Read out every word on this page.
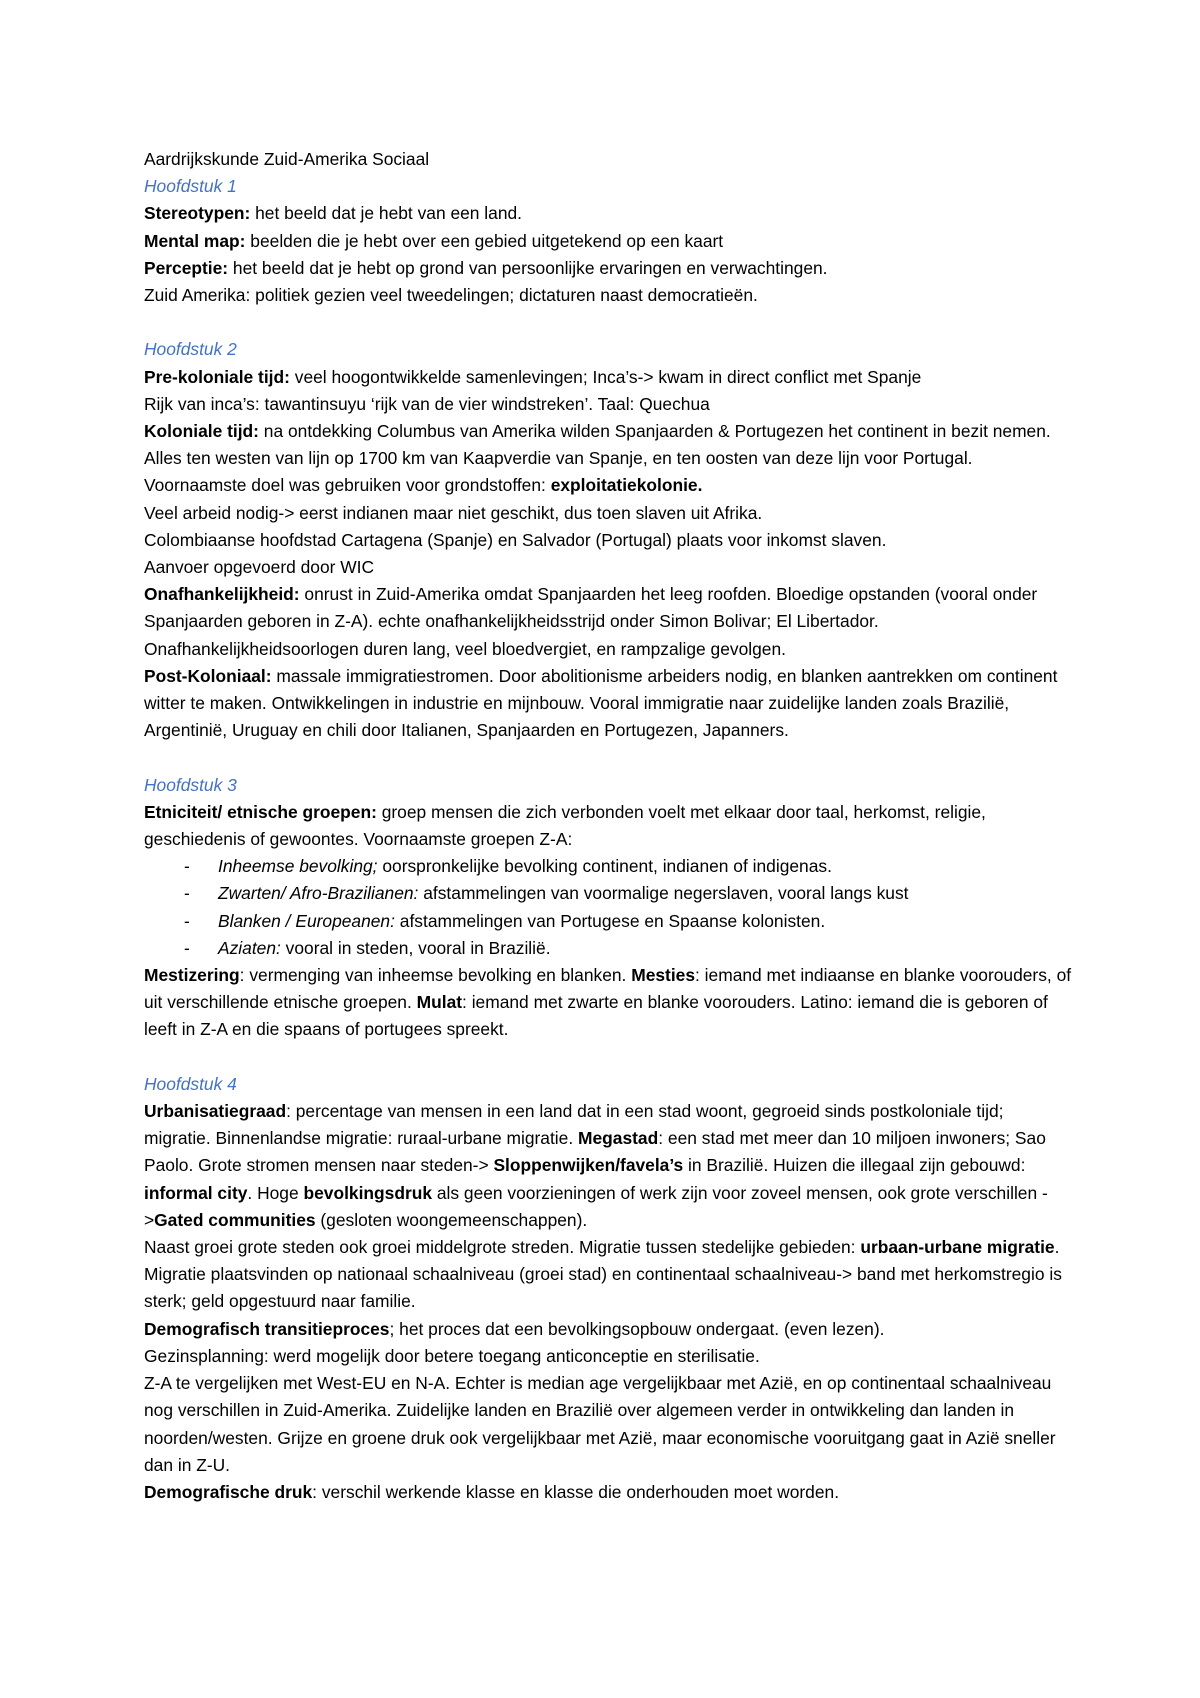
Aardrijkskunde Zuid-Amerika Sociaal

Hoofdstuk 1

Stereotypen: het beeld dat je hebt van een land.

Mental map: beelden die je hebt over een gebied uitgetekend op een kaart

Perceptie: het beeld dat je hebt op grond van persoonlijke ervaringen en verwachtingen.

Zuid Amerika: politiek gezien veel tweedelingen; dictaturen naast democratieën.

Hoofdstuk 2

Pre-koloniale tijd: veel hoogontwikkelde samenlevingen; Inca’s-> kwam in direct conflict met Spanje

Rijk van inca’s: tawantinsuyu ‘rijk van de vier windstreken’. Taal: Quechua

Koloniale tijd: na ontdekking Columbus van Amerika wilden Spanjaarden & Portugezen het continent in bezit nemen. Alles ten westen van lijn op 1700 km van Kaapverdie van Spanje, en ten oosten van deze lijn voor Portugal. Voornaamste doel was gebruiken voor grondstoffen: exploitatiekolonie.

Veel arbeid nodig-> eerst indianen maar niet geschikt, dus toen slaven uit Afrika.

Colombiaanse hoofdstad Cartagena (Spanje) en Salvador (Portugal) plaats voor inkomst slaven.

Aanvoer opgevoerd door WIC

Onafhankelijkheid: onrust in Zuid-Amerika omdat Spanjaarden het leeg roofden. Bloedige opstanden (vooral onder Spanjaarden geboren in Z-A). echte onafhankelijkheidsstrijd onder Simon Bolivar; El Libertador. Onafhankelijkheidsoorlogen duren lang, veel bloedvergiet, en rampzalige gevolgen.

Post-Koloniaal: massale immigratiestromen. Door abolitionisme arbeiders nodig, en blanken aantrekken om continent witter te maken. Ontwikkelingen in industrie en mijnbouw. Vooral immigratie naar zuidelijke landen zoals Brazilië, Argentinië, Uruguay en chili door Italianen, Spanjaarden en Portugezen, Japanners.

Hoofdstuk 3

Etniciteit/ etnische groepen: groep mensen die zich verbonden voelt met elkaar door taal, herkomst, religie, geschiedenis of gewoontes. Voornaamste groepen Z-A:

- Inheemse bevolking; oorspronkelijke bevolking continent, indianen of indigenas.
- Zwarten/ Afro-Brazilianen: afstammelingen van voormalige negerslaven, vooral langs kust
- Blanken / Europeanen: afstammelingen van Portugese en Spaanse kolonisten.
- Aziaten: vooral in steden, vooral in Brazilië.

Mestizering: vermenging van inheemse bevolking en blanken. Mesties: iemand met indiaanse en blanke voorouders, of uit verschillende etnische groepen. Mulat: iemand met zwarte en blanke voorouders. Latino: iemand die is geboren of leeft in Z-A en die spaans of portugees spreekt.

Hoofdstuk 4

Urbanisatiegraad: percentage van mensen in een land dat in een stad woont, gegroeid sinds postkoloniale tijd; migratie. Binnenlandse migratie: ruraal-urbane migratie. Megastad: een stad met meer dan 10 miljoen inwoners; Sao Paolo. Grote stromen mensen naar steden-> Sloppenwijken/favela’s in Brazilië. Huizen die illegaal zijn gebouwd: informal city. Hoge bevolkingsdruk als geen voorzieningen of werk zijn voor zoveel mensen, ook grote verschillen ->Gated communities (gesloten woongemeenschappen).

Naast groei grote steden ook groei middelgrote streden. Migratie tussen stedelijke gebieden: urbaan-urbane migratie. Migratie plaatsvinden op nationaal schaalniveau (groei stad) en continentaal schaalniveau-> band met herkomstregio is sterk; geld opgestuurd naar familie.

Demografisch transitieproces; het proces dat een bevolkingsopbouw ondergaat. (even lezen).

Gezinsplanning: werd mogelijk door betere toegang anticonceptie en sterilisatie.

Z-A te vergelijken met West-EU en N-A. Echter is median age vergelijkbaar met Azië, en op continentaal schaalniveau nog verschillen in Zuid-Amerika. Zuidelijke landen en Brazilië over algemeen verder in ontwikkeling dan landen in noorden/westen. Grijze en groene druk ook vergelijkbaar met Azië, maar economische vooruitgang gaat in Azië sneller dan in Z-U.

Demografische druk: verschil werkende klasse en klasse die onderhouden moet worden.
